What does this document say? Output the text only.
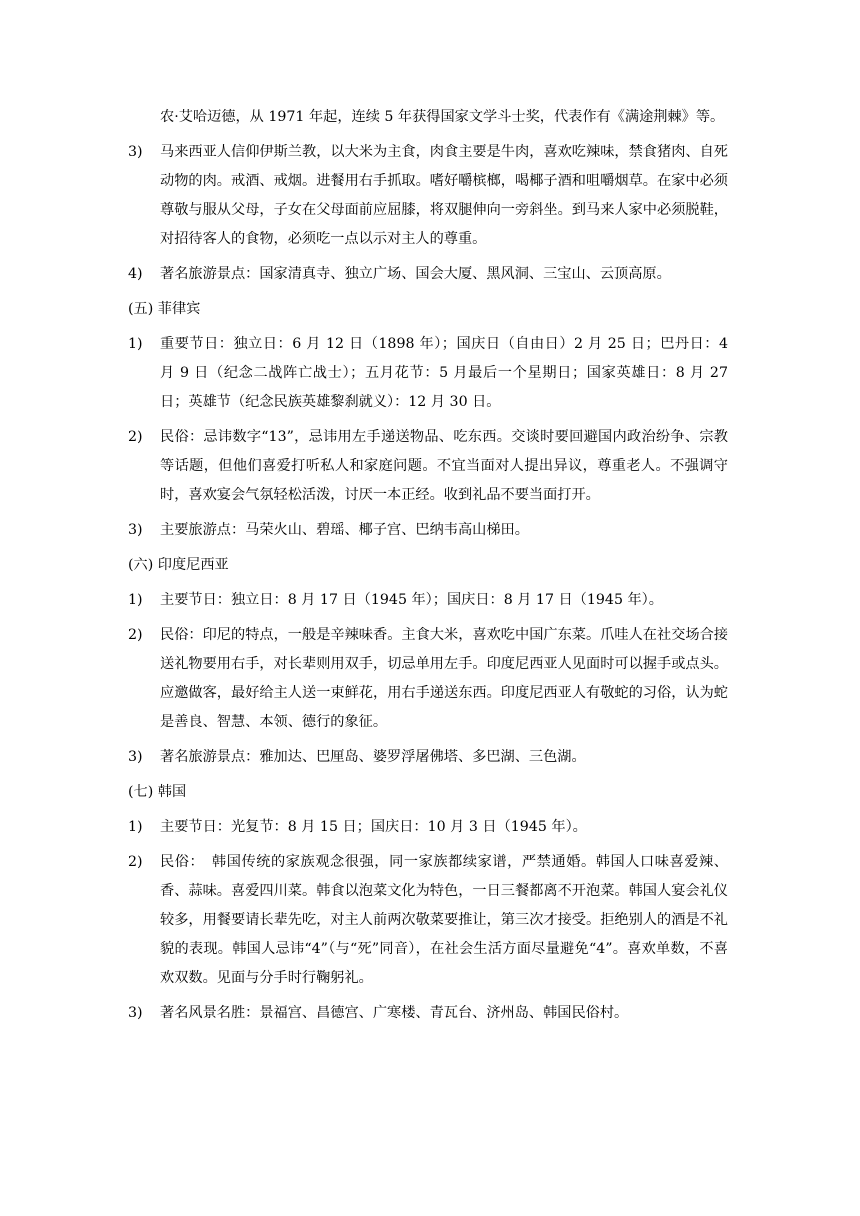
农·艾哈迈德，从 1971 年起，连续 5 年获得国家文学斗士奖，代表作有《满途荆棘》等。
3)	马来西亚人信仰伊斯兰教，以大米为主食，肉食主要是牛肉，喜欢吃辣味，禁食猪肉、自死动物的肉。戒酒、戒烟。进餐用右手抓取。嗜好嚼槟榔，喝椰子酒和咀嚼烟草。在家中必须尊敬与服从父母，子女在父母面前应屈膝，将双腿伸向一旁斜坐。到马来人家中必须脱鞋，对招待客人的食物，必须吃一点以示对主人的尊重。
4)	著名旅游景点：国家清真寺、独立广场、国会大厦、黑风洞、三宝山、云顶高原。
(五) 菲律宾
1)	重要节日：独立日：6 月 12 日（1898 年）；国庆日（自由日）2 月 25 日；巴丹日：4 月 9 日（纪念二战阵亡战士）；五月花节：5 月最后一个星期日；国家英雄日：8 月 27 日；英雄节（纪念民族英雄黎刹就义）：12 月 30 日。
2)	民俗：忌讳数字“13”，忌讳用左手递送物品、吃东西。交谈时要回避国内政治纷争、宗教等话题，但他们喜爱打听私人和家庭问题。不宜当面对人提出异议，尊重老人。不强调守时，喜欢宴会气氛轻松活泼，讨厌一本正经。收到礼品不要当面打开。
3)	主要旅游点：马荣火山、碧瑶、椰子宫、巴纳韦高山梯田。
(六) 印度尼西亚
1)	主要节日：独立日：8 月 17 日（1945 年）；国庆日：8 月 17 日（1945 年）。
2)	民俗：印尼的特点，一般是辛辣味香。主食大米，喜欢吃中国广东菜。爪哇人在社交场合接送礼物要用右手，对长辈则用双手，切忌单用左手。印度尼西亚人见面时可以握手或点头。应邀做客，最好给主人送一束鲜花，用右手递送东西。印度尼西亚人有敬蛇的习俗，认为蛇是善良、智慧、本领、德行的象征。
3)	著名旅游景点：雅加达、巴厘岛、婆罗浮屠佛塔、多巴湖、三色湖。
(七) 韩国
1)	主要节日：光复节：8 月 15 日；国庆日：10 月 3 日（1945 年）。
2)	民俗：　韩国传统的家族观念很强，同一家族都续家谱，严禁通婚。韩国人口味喜爱辣、香、蒜味。喜爱四川菜。韩食以泡菜文化为特色，一日三餐都离不开泡菜。韩国人宴会礼仪较多，用餐要请长辈先吃，对主人前两次敬菜要推让，第三次才接受。拒绝别人的酒是不礼貌的表现。韩国人忌讳“4”（与“死”同音），在社会生活方面尽量避免“4”。喜欢单数，不喜欢双数。见面与分手时行鞠躬礼。
3)	著名风景名胜：景福宫、昌德宫、广寒楼、青瓦台、济州岛、韩国民俗村。
